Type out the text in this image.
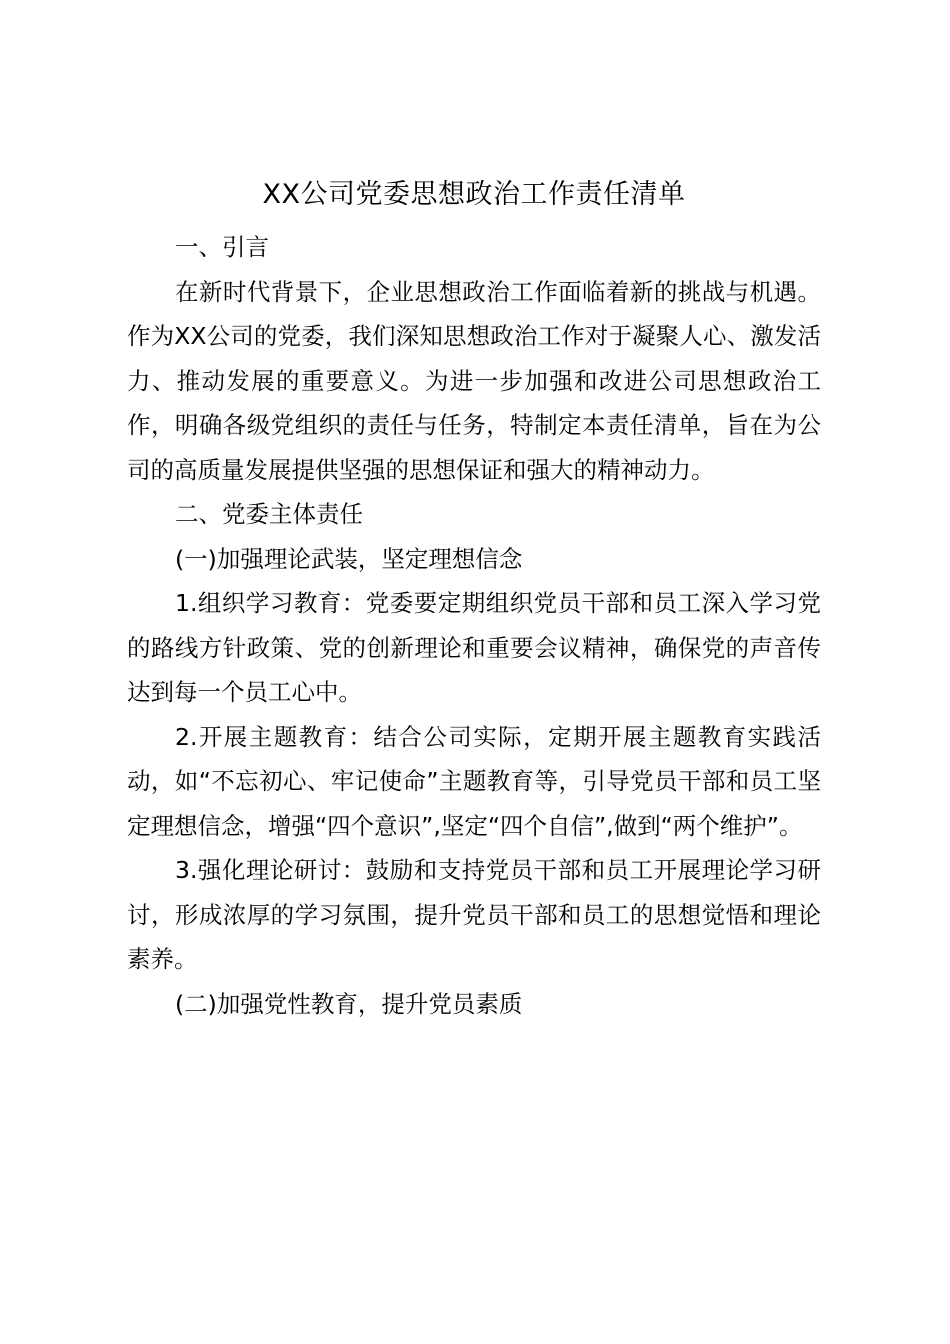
XX公司党委思想政治工作责任清单

一、引言

在新时代背景下，企业思想政治工作面临着新的挑战与机遇。作为XX公司的党委，我们深知思想政治工作对于凝聚人心、激发活力、推动发展的重要意义。为进一步加强和改进公司思想政治工作，明确各级党组织的责任与任务，特制定本责任清单，旨在为公司的高质量发展提供坚强的思想保证和强大的精神动力。

二、党委主体责任

(一)加强理论武装，坚定理想信念

1.组织学习教育：党委要定期组织党员干部和员工深入学习党的路线方针政策、党的创新理论和重要会议精神，确保党的声音传达到每一个员工心中。

2.开展主题教育：结合公司实际，定期开展主题教育实践活动，如“不忘初心、牢记使命”主题教育等，引导党员干部和员工坚定理想信念，增强“四个意识”,坚定“四个自信”,做到“两个维护”。

3.强化理论研讨：鼓励和支持党员干部和员工开展理论学习研讨，形成浓厚的学习氛围，提升党员干部和员工的思想觉悟和理论素养。

(二)加强党性教育，提升党员素质
